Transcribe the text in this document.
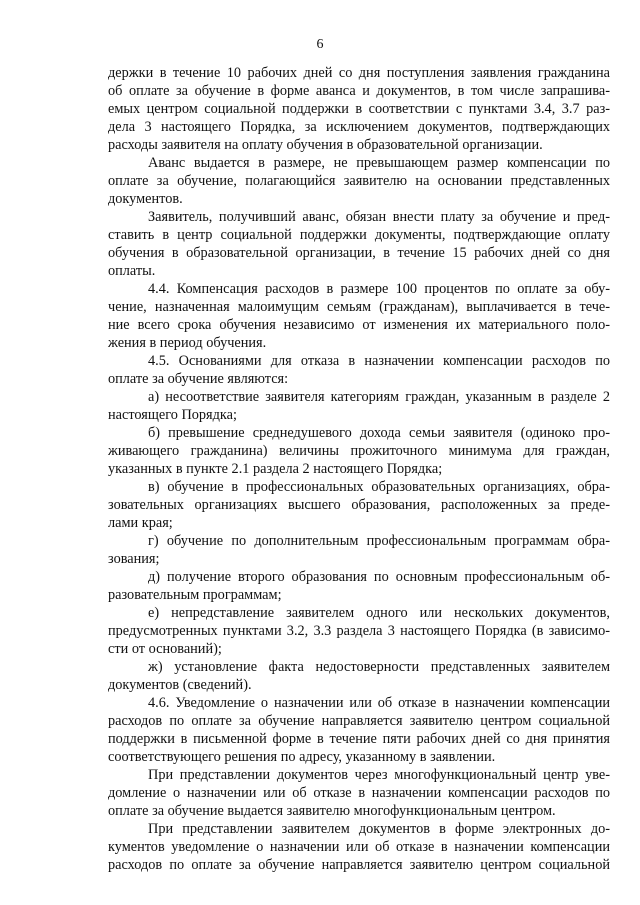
6
держки в течение 10 рабочих дней со дня поступления заявления гражданина
об оплате за обучение в форме аванса и документов, в том числе запрашива-
емых центром социальной поддержки в соответствии с пунктами 3.4, 3.7 раз-
дела 3 настоящего Порядка, за исключением документов, подтверждающих
расходы заявителя на оплату обучения в образовательной организации.
Аванс выдается в размере, не превышающем размер компенсации по
оплате за обучение, полагающийся заявителю на основании представленных
документов.
Заявитель, получивший аванс, обязан внести плату за обучение и пред-
ставить в центр социальной поддержки документы, подтверждающие оплату
обучения в образовательной организации, в течение 15 рабочих дней со дня
оплаты.
4.4. Компенсация расходов в размере 100 процентов по оплате за обу-
чение, назначенная малоимущим семьям (гражданам), выплачивается в тече-
ние всего срока обучения независимо от изменения их материального поло-
жения в период обучения.
4.5. Основаниями для отказа в назначении компенсации расходов по
оплате за обучение являются:
а) несоответствие заявителя категориям граждан, указанным в разделе 2
настоящего Порядка;
б) превышение среднедушевого дохода семьи заявителя (одиноко про-
живающего гражданина) величины прожиточного минимума для граждан,
указанных в пункте 2.1 раздела 2 настоящего Порядка;
в) обучение в профессиональных образовательных организациях, обра-
зовательных организациях высшего образования, расположенных за преде-
лами края;
г) обучение по дополнительным профессиональным программам обра-
зования;
д) получение второго образования по основным профессиональным об-
разовательным программам;
е) непредставление заявителем одного или нескольких документов,
предусмотренных пунктами 3.2, 3.3 раздела 3 настоящего Порядка (в зависимо-
сти от оснований);
ж) установление факта недостоверности представленных заявителем
документов (сведений).
4.6. Уведомление о назначении или об отказе в назначении компенсации
расходов по оплате за обучение направляется заявителю центром социальной
поддержки в письменной форме в течение пяти рабочих дней со дня принятия
соответствующего решения по адресу, указанному в заявлении.
При представлении документов через многофункциональный центр уве-
домление о назначении или об отказе в назначении компенсации расходов по
оплате за обучение выдается заявителю многофункциональным центром.
При представлении заявителем документов в форме электронных до-
кументов уведомление о назначении или об отказе в назначении компенсации
расходов по оплате за обучение направляется заявителю центром социальной
